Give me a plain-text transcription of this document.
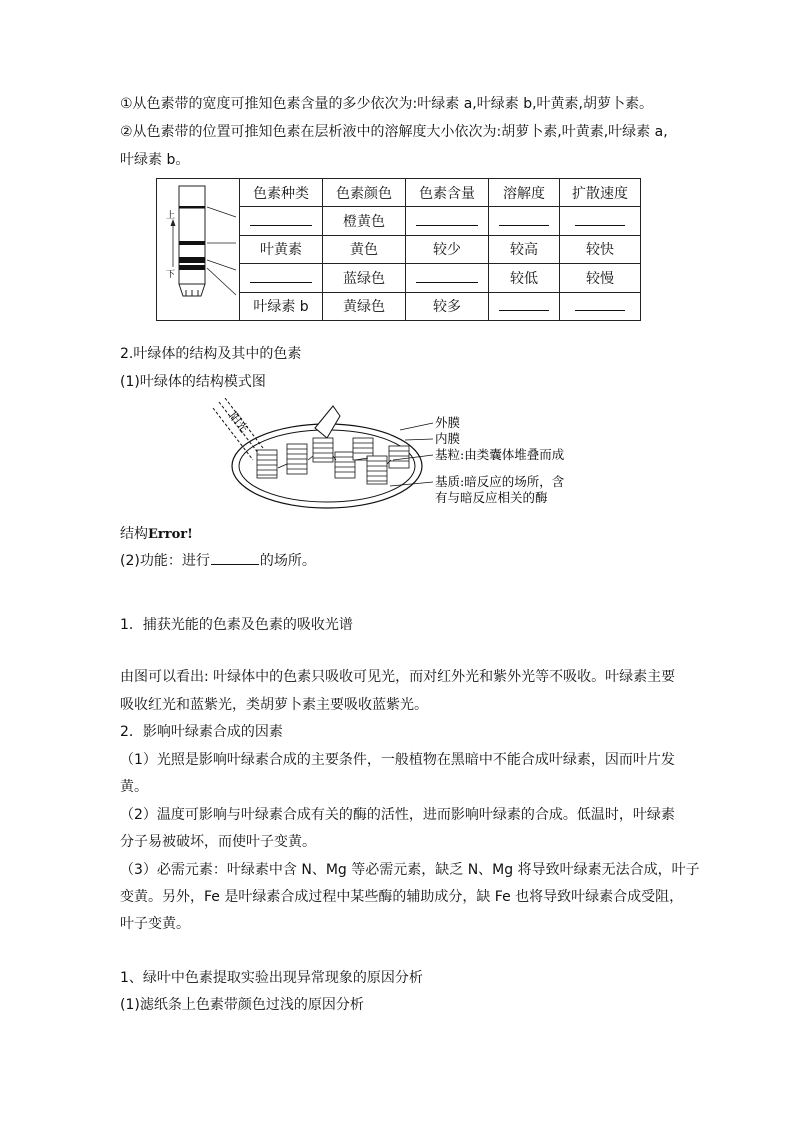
①从色素带的宽度可推知色素含量的多少依次为:叶绿素 a,叶绿素 b,叶黄素,胡萝卜素。
②从色素带的位置可推知色素在层析液中的溶解度大小依次为:胡萝卜素,叶黄素,叶绿素 a,
叶绿素 b。
上
下	色素种类	色素颜色	色素含量	溶解度	扩散速度
		橙黄色			
	叶黄素	黄色	较少	较高	较快
		蓝绿色		较低	较慢
	叶绿素 b	黄绿色	较多		
2.叶绿体的结构及其中的色素
(1)叶绿体的结构模式图
阳光	外膜
内膜
基粒:由类囊体堆叠而成
基质:暗反应的场所，含
有与暗反应相关的酶
结构Error!
(2)功能：进行	的场所。
1．捕获光能的色素及色素的吸收光谱
由图可以看出: 叶绿体中的色素只吸收可见光，而对红外光和紫外光等不吸收。叶绿素主要
吸收红光和蓝紫光，类胡萝卜素主要吸收蓝紫光。
2．影响叶绿素合成的因素
（1）光照是影响叶绿素合成的主要条件，一般植物在黑暗中不能合成叶绿素，因而叶片发
黄。
（2）温度可影响与叶绿素合成有关的酶的活性，进而影响叶绿素的合成。低温时，叶绿素
分子易被破坏，而使叶子变黄。
（3）必需元素：叶绿素中含 N、Mg 等必需元素，缺乏 N、Mg 将导致叶绿素无法合成，叶子
变黄。另外，Fe 是叶绿素合成过程中某些酶的辅助成分，缺 Fe 也将导致叶绿素合成受阻，
叶子变黄。
1、绿叶中色素提取实验出现异常现象的原因分析
(1)滤纸条上色素带颜色过浅的原因分析
